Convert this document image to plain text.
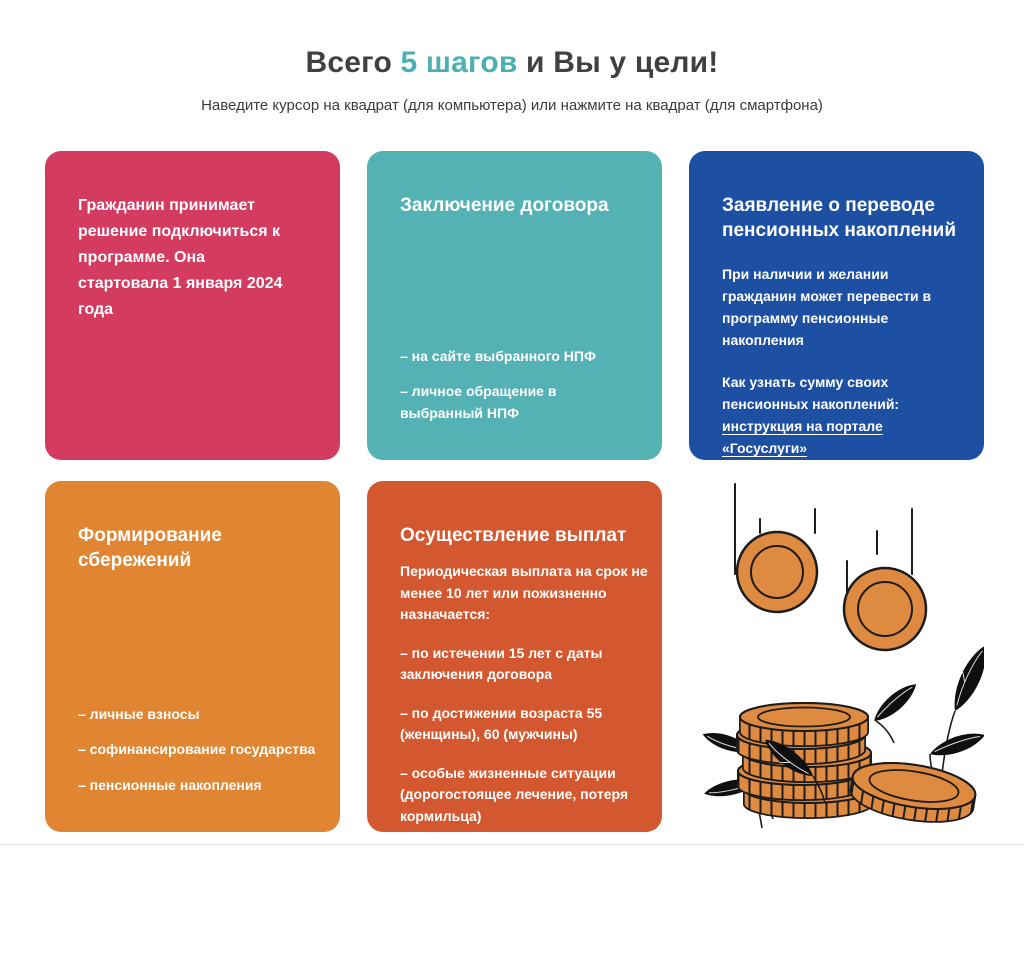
Всего 5 шагов и Вы у цели!
Наведите курсор на квадрат (для компьютера) или нажмите на квадрат (для смартфона)
Гражданин принимает решение подключиться к программе. Она стартовала 1 января 2024 года
Заключение договора
– на сайте выбранного НПФ
– личное обращение в выбранный НПФ
Заявление о переводе пенсионных накоплений
При наличии и желании гражданин может перевести в программу пенсионные накопления
Как узнать сумму своих пенсионных накоплений:
инструкция на портале «Госуслуги»
Формирование сбережений
– личные взносы
– софинансирование государства
– пенсионные накопления
Осуществление выплат
Периодическая выплата на срок не менее 10 лет или пожизненно назначается:
– по истечении 15 лет с даты заключения договора
– по достижении возраста 55 (женщины), 60 (мужчины)
– особые жизненные ситуации (дорогостоящее лечение, потеря кормильца)
